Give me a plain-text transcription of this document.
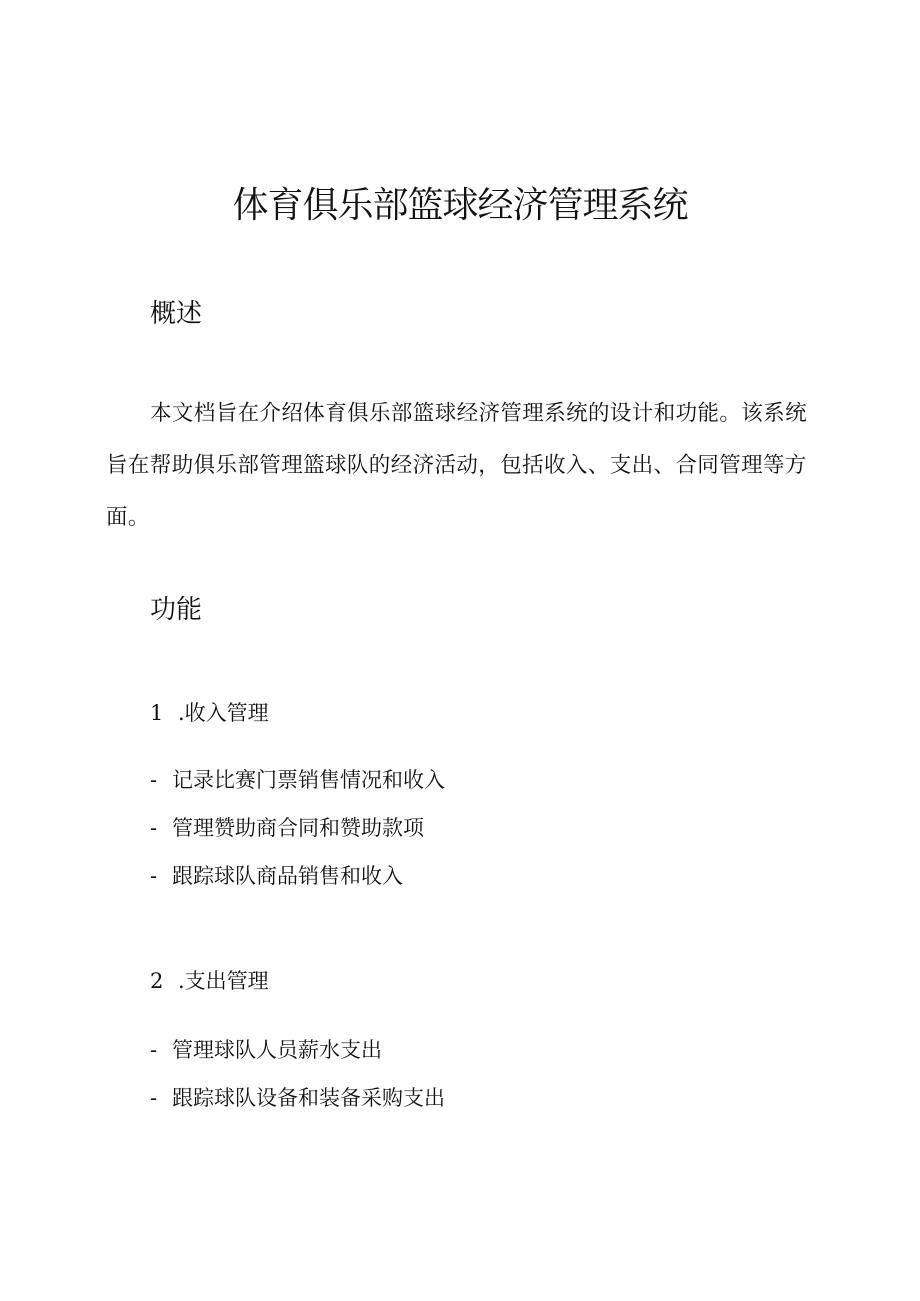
体育俱乐部篮球经济管理系统
概述

本文档旨在介绍体育俱乐部篮球经济管理系统的设计和功能。该系统旨在帮助俱乐部管理篮球队的经济活动，包括收入、支出、合同管理等方面。

功能
1 .收入管理
- 记录比赛门票销售情况和收入
- 管理赞助商合同和赞助款项
- 跟踪球队商品销售和收入
2 .支出管理
- 管理球队人员薪水支出
- 跟踪球队设备和装备采购支出
